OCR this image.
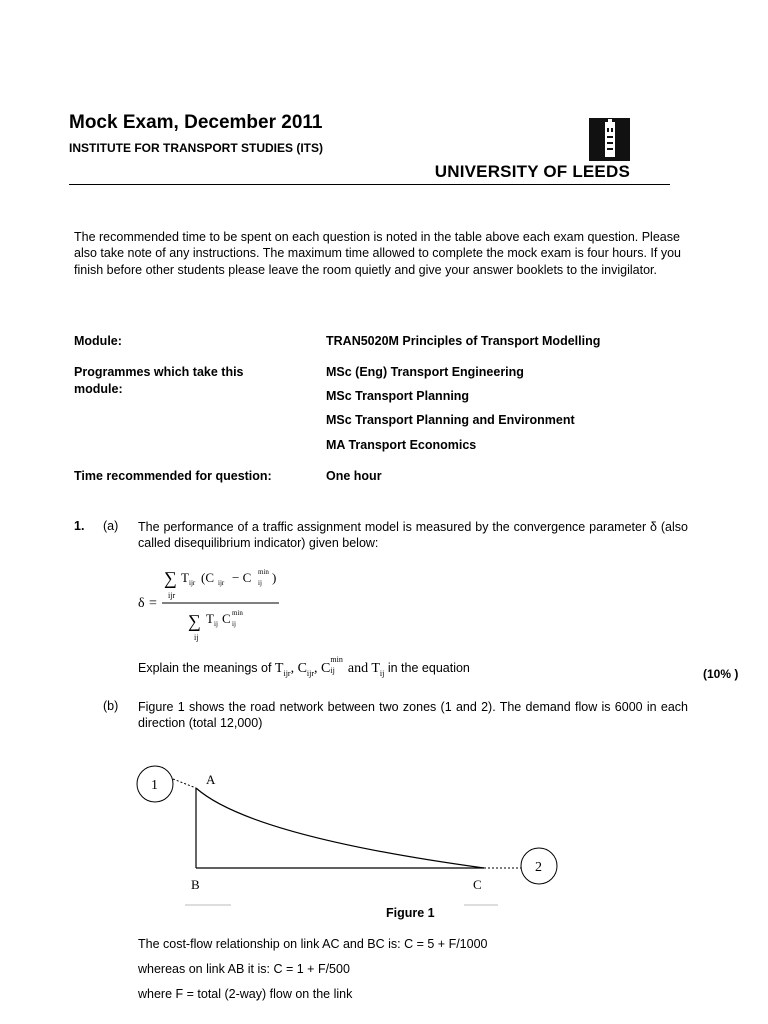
Mock Exam, December 2011
INSTITUTE FOR TRANSPORT STUDIES (ITS)
UNIVERSITY OF LEEDS

The recommended time to be spent on each question is noted in the table above each exam question. Please also take note of any instructions. The maximum time allowed to complete the mock exam is four hours. If you finish before other students please leave the room quietly and give your answer booklets to the invigilator.

Module:	TRAN5020M Principles of Transport Modelling
Programmes which take this
module:
MSc (Eng) Transport Engineering
MSc Transport Planning
MSc Transport Planning and Environment
MA Transport Economics
Time recommended for question:	One hour
1. (a) The performance of a traffic assignment model is measured by the convergence parameter δ (also called disequilibrium indicator) given below:
δ =
∑
ijr
T ijr (C ijr − C min
ij )
∑
ij
T ij C min
ij
Explain the meanings of $T_{ijr}$, $C_{ijr}$, C
min
ij and $T_{ij}$ in the equation	(10% )
(b) Figure 1 shows the road network between two zones (1 and 2). The demand flow is 6000 in each direction (total 12,000)
1	A
2
B	C
Figure 1
The cost-flow relationship on link AC and BC is: C = 5 + F/1000
whereas on link AB it is: C = 1 + F/500
where F = total (2-way) flow on the link
